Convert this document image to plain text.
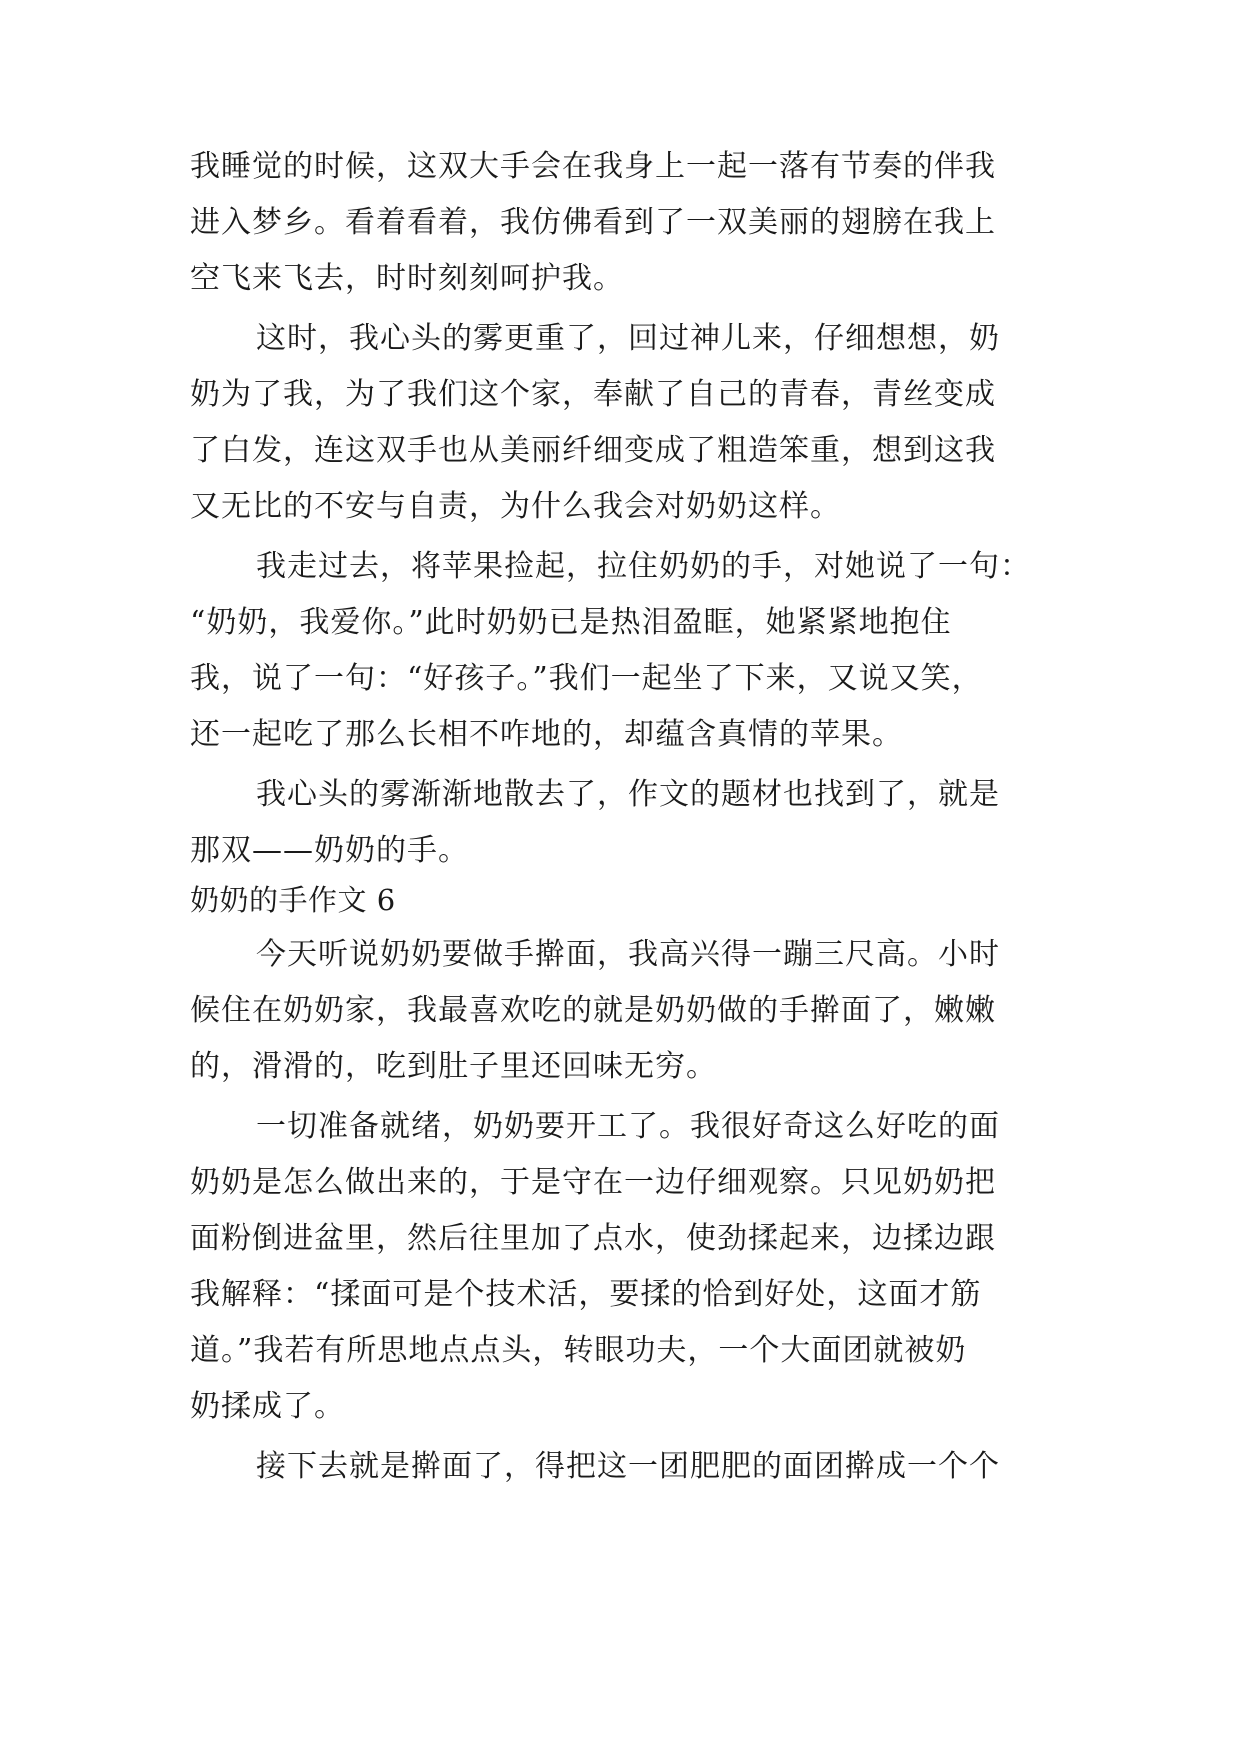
我睡觉的时候，这双大手会在我身上一起一落有节奏的伴我
进入梦乡。看着看着，我仿佛看到了一双美丽的翅膀在我上
空飞来飞去，时时刻刻呵护我。
这时，我心头的雾更重了，回过神儿来，仔细想想，奶
奶为了我，为了我们这个家，奉献了自己的青春，青丝变成
了白发，连这双手也从美丽纤细变成了粗造笨重，想到这我
又无比的不安与自责，为什么我会对奶奶这样。
我走过去，将苹果捡起，拉住奶奶的手，对她说了一句：
“奶奶，我爱你。”此时奶奶已是热泪盈眶，她紧紧地抱住
我，说了一句：“好孩子。”我们一起坐了下来，又说又笑，
还一起吃了那么长相不咋地的，却蕴含真情的苹果。
我心头的雾渐渐地散去了，作文的题材也找到了，就是
那双——奶奶的手。
奶奶的手作文 6
今天听说奶奶要做手擀面，我高兴得一蹦三尺高。小时
候住在奶奶家，我最喜欢吃的就是奶奶做的手擀面了，嫩嫩
的，滑滑的，吃到肚子里还回味无穷。
一切准备就绪，奶奶要开工了。我很好奇这么好吃的面
奶奶是怎么做出来的，于是守在一边仔细观察。只见奶奶把
面粉倒进盆里，然后往里加了点水，使劲揉起来，边揉边跟
我解释：“揉面可是个技术活，要揉的恰到好处，这面才筋
道。”我若有所思地点点头，转眼功夫，一个大面团就被奶
奶揉成了。
接下去就是擀面了，得把这一团肥肥的面团擀成一个个
